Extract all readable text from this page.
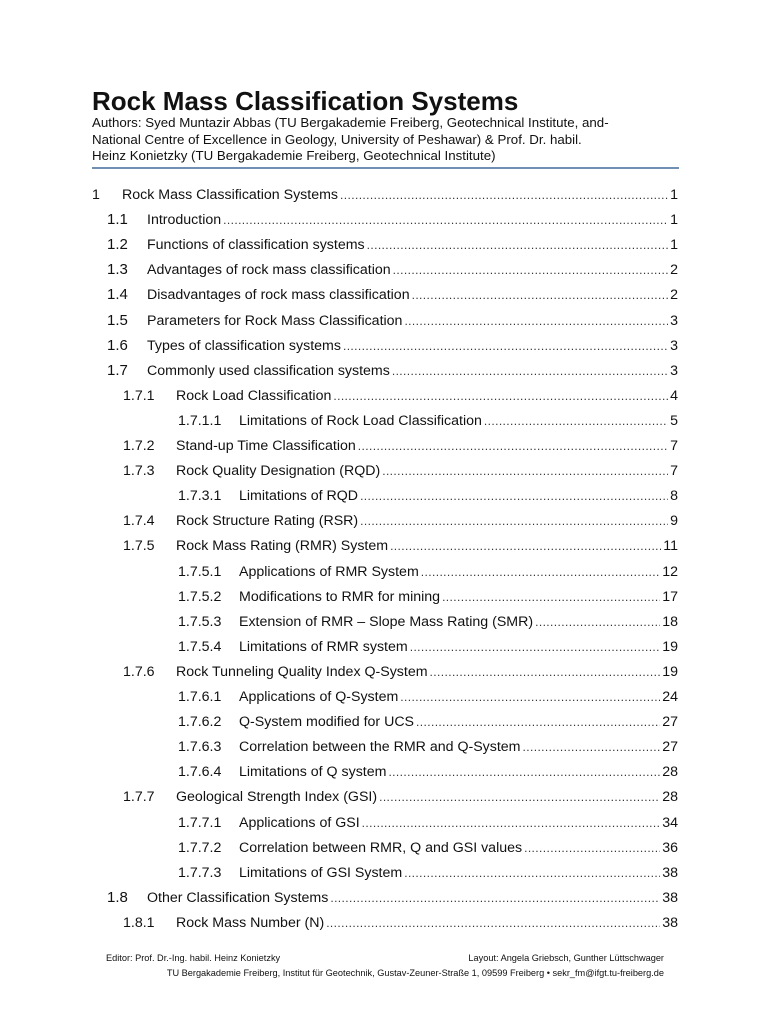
Rock Mass Classification Systems
Authors: Syed Muntazir Abbas (TU Bergakademie Freiberg, Geotechnical Institute, and-
National Centre of Excellence in Geology, University of Peshawar) & Prof. Dr. habil.
Heinz Konietzky (TU Bergakademie Freiberg, Geotechnical Institute)
1	Rock Mass Classification Systems .....	1
1.1	Introduction .....	1
1.2	Functions of classification systems .....	1
1.3	Advantages of rock mass classification .....	2
1.4	Disadvantages of rock mass classification .....	2
1.5	Parameters for Rock Mass Classification .....	3
1.6	Types of classification systems .....	3
1.7	Commonly used classification systems .....	3
1.7.1	Rock Load Classification .....	4
1.7.1.1	Limitations of Rock Load Classification .....	5
1.7.2	Stand-up Time Classification .....	7
1.7.3	Rock Quality Designation (RQD) .....	7
1.7.3.1	Limitations of RQD .....	8
1.7.4	Rock Structure Rating (RSR) .....	9
1.7.5	Rock Mass Rating (RMR) System .....	11
1.7.5.1	Applications of RMR System .....	12
1.7.5.2	Modifications to RMR for mining .....	17
1.7.5.3	Extension of RMR – Slope Mass Rating (SMR) .....	18
1.7.5.4	Limitations of RMR system .....	19
1.7.6	Rock Tunneling Quality Index Q-System .....	19
1.7.6.1	Applications of Q-System .....	24
1.7.6.2	Q-System modified for UCS .....	27
1.7.6.3	Correlation between the RMR and Q-System .....	27
1.7.6.4	Limitations of Q system .....	28
1.7.7	Geological Strength Index (GSI) .....	28
1.7.7.1	Applications of GSI .....	34
1.7.7.2	Correlation between RMR, Q and GSI values .....	36
1.7.7.3	Limitations of GSI System .....	38
1.8	Other Classification Systems .....	38
1.8.1	Rock Mass Number (N) .....	38
Editor: Prof. Dr.-Ing. habil. Heinz Konietzky	Layout: Angela Griebsch, Gunther Lüttschwager
TU Bergakademie Freiberg, Institut für Geotechnik, Gustav-Zeuner-Straße 1, 09599 Freiberg • sekr_fm@ifgt.tu-freiberg.de
